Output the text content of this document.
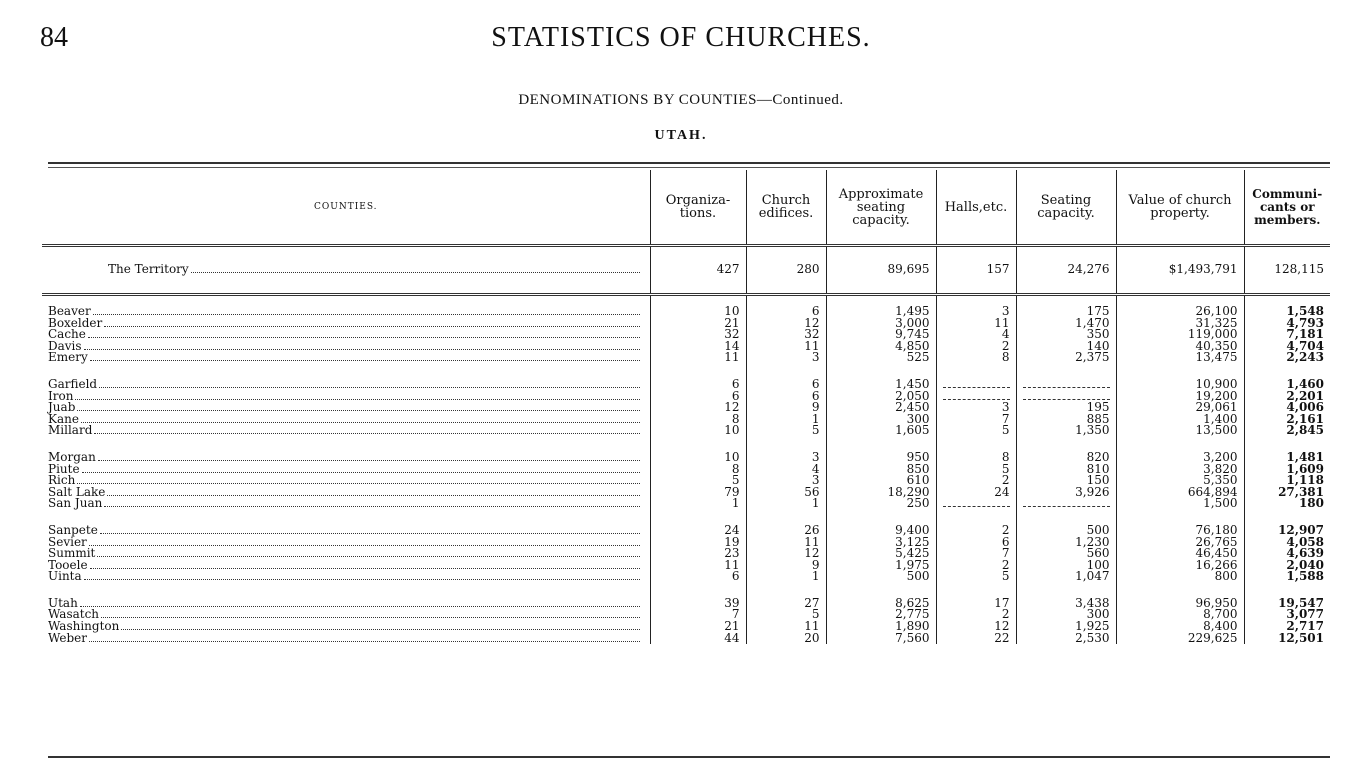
84	STATISTICS OF CHURCHES.
DENOMINATIONS BY COUNTIES—Continued.
UTAH.
COUNTIES.	Organiza-tions.	Church edifices.	Approximate seating capacity.	Halls,etc.	Seating capacity.	Value of church property.	Communi-cants or members.

The Territory	427	280	89,695	157	24,276	$1,493,791	128,115

Beaver	10	6	1,495	3	175	26,100	1,548

Boxelder	21	12	3,000	11	1,470	31,325	4,793

Cache	32	32	9,745	4	350	119,000	7,181

Davis	14	11	4,850	2	140	40,350	4,704

Emery	11	3	525	8	2,375	13,475	2,243

Garfield	6	6	1,450			10,900	1,460

Iron	6	6	2,050			19,200	2,201

Juab	12	9	2,450	3	195	29,061	4,006

Kane	8	1	300	7	885	1,400	2,161

Millard	10	5	1,605	5	1,350	13,500	2,845

Morgan	10	3	950	8	820	3,200	1,481

Piute	8	4	850	5	810	3,820	1,609

Rich	5	3	610	2	150	5,350	1,118

Salt Lake	79	56	18,290	24	3,926	664,894	27,381

San Juan	1	1	250			1,500	180

Sanpete	24	26	9,400	2	500	76,180	12,907

Sevier	19	11	3,125	6	1,230	26,765	4,058

Summit	23	12	5,425	7	560	46,450	4,639

Tooele	11	9	1,975	2	100	16,266	2,040

Uinta	6	1	500	5	1,047	800	1,588

Utah	39	27	8,625	17	3,438	96,950	19,547

Wasatch	7	5	2,775	2	300	8,700	3,077

Washington	21	11	1,890	12	1,925	8,400	2,717

Weber	44	20	7,560	22	2,530	229,625	12,501
